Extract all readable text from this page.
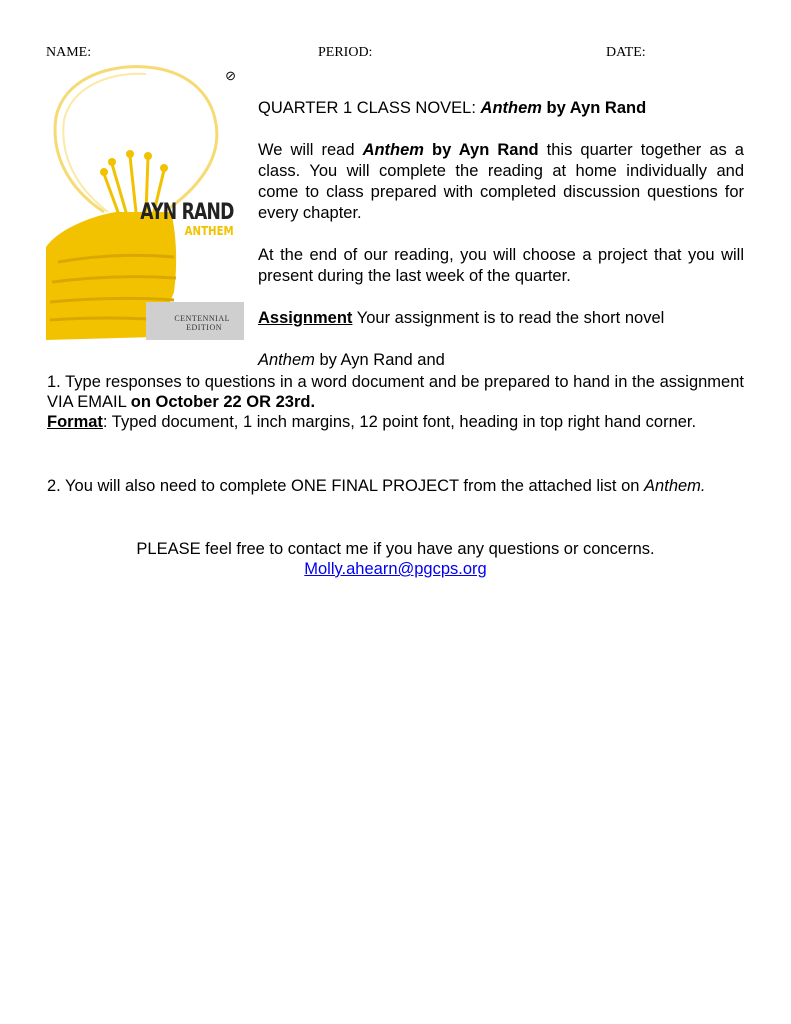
NAME:	PERIOD:	DATE:
⊘
AYN RAND
ANTHEM
CENTENNIAL
EDITION

QUARTER 1 CLASS NOVEL: Anthem by Ayn Rand

We will read Anthem by Ayn Rand this quarter together as a class. You will complete the reading at home individually and come to class prepared with completed discussion questions for every chapter.

At the end of our reading, you will choose a project that you will present during the last week of the quarter.

Assignment Your assignment is to read the short novel Anthem by Ayn Rand and

1. Type responses to questions in a word document and be prepared to hand in the assignment VIA EMAIL on October 22 OR 23rd.

Format: Typed document, 1 inch margins, 12 point font, heading in top right hand corner.

2. You will also need to complete ONE FINAL PROJECT from the attached list on Anthem.

PLEASE feel free to contact me if you have any questions or concerns.

Molly.ahearn@pgcps.org
